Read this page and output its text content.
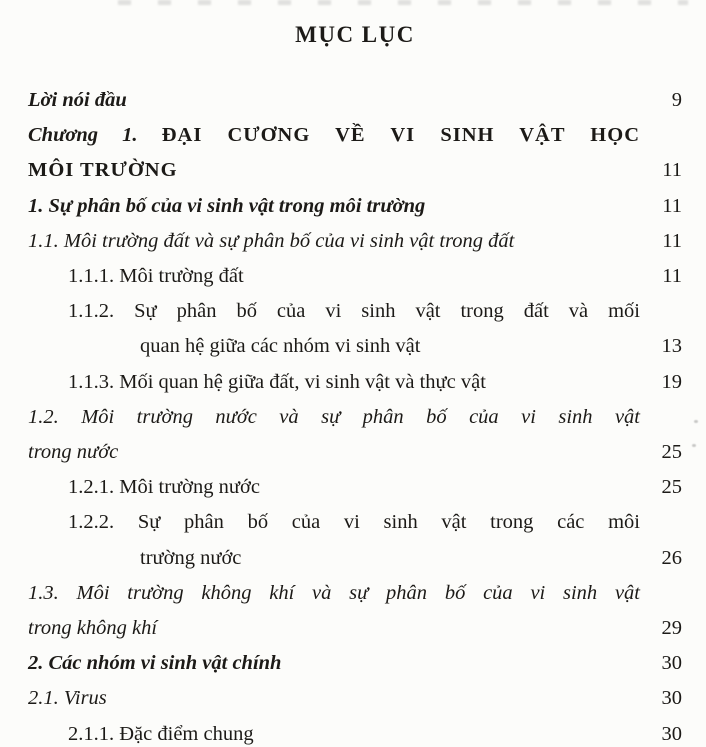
MỤC LỤC
Lời nói đầu	9
Chương 1. ĐẠI CƯƠNG VỀ VI SINH VẬT HỌC
MÔI TRƯỜNG	11
1. Sự phân bố của vi sinh vật trong môi trường	11
1.1. Môi trường đất và sự phân bố của vi sinh vật trong đất	11
1.1.1. Môi trường đất	11
1.1.2. Sự phân bố của vi sinh vật trong đất và mối
quan hệ giữa các nhóm vi sinh vật	13
1.1.3. Mối quan hệ giữa đất, vi sinh vật và thực vật	19
1.2. Môi trường nước và sự phân bố của vi sinh vật
trong nước	25
1.2.1. Môi trường nước	25
1.2.2. Sự phân bố của vi sinh vật trong các môi
trường nước	26
1.3. Môi trường không khí và sự phân bố của vi sinh vật
trong không khí	29
2. Các nhóm vi sinh vật chính	30
2.1. Virus	30
2.1.1. Đặc điểm chung	30
